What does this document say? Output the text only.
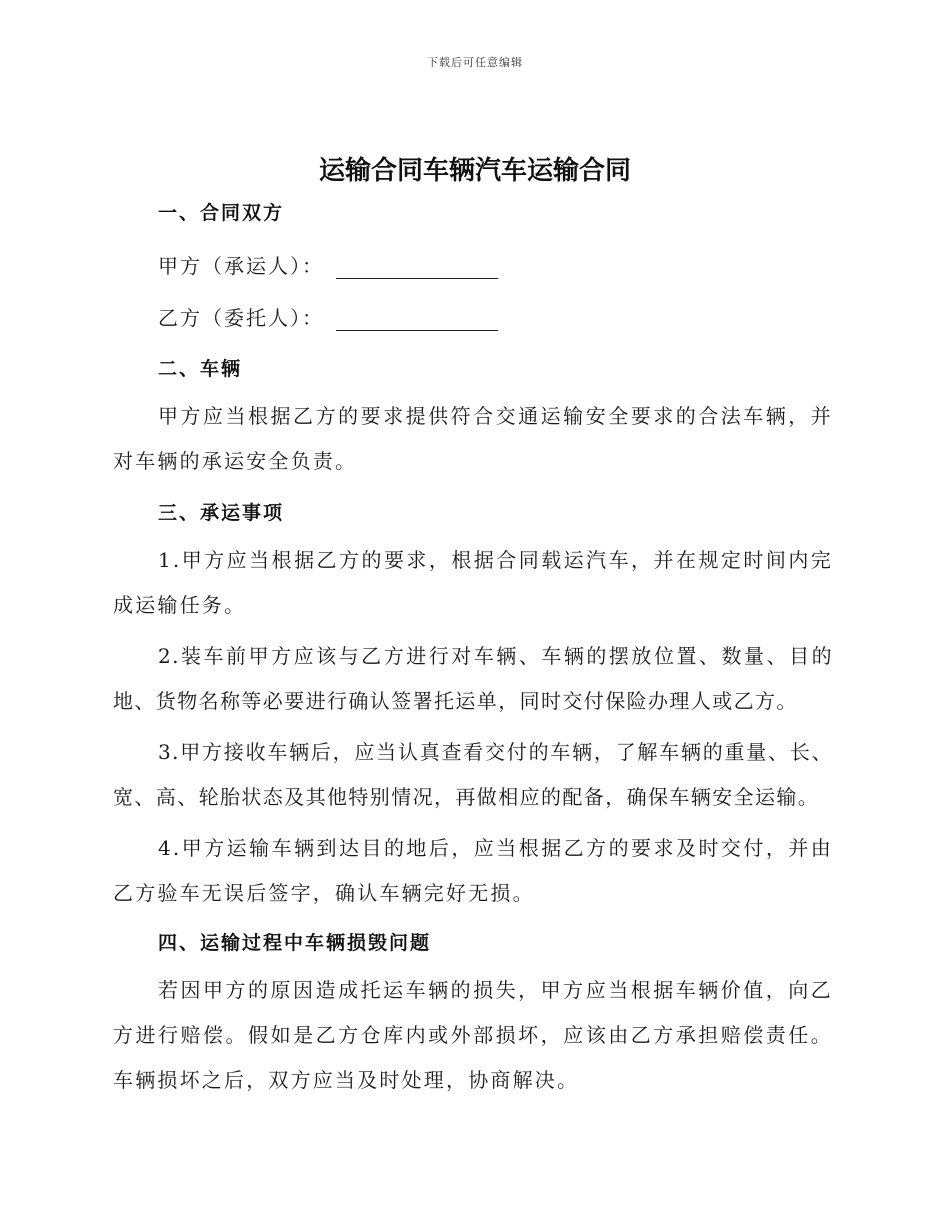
下载后可任意编辑
运输合同车辆汽车运输合同
一、合同双方
甲方（承运人）：
乙方（委托人）：
二、车辆
甲方应当根据乙方的要求提供符合交通运输安全要求的合法车辆，并对车辆的承运安全负责。
三、承运事项
1.甲方应当根据乙方的要求，根据合同载运汽车，并在规定时间内完成运输任务。
2.装车前甲方应该与乙方进行对车辆、车辆的摆放位置、数量、目的地、货物名称等必要进行确认签署托运单，同时交付保险办理人或乙方。
3.甲方接收车辆后，应当认真查看交付的车辆，了解车辆的重量、长、宽、高、轮胎状态及其他特别情况，再做相应的配备，确保车辆安全运输。
4.甲方运输车辆到达目的地后，应当根据乙方的要求及时交付，并由乙方验车无误后签字，确认车辆完好无损。
四、运输过程中车辆损毁问题
若因甲方的原因造成托运车辆的损失，甲方应当根据车辆价值，向乙方进行赔偿。假如是乙方仓库内或外部损坏，应该由乙方承担赔偿责任。车辆损坏之后，双方应当及时处理，协商解决。
